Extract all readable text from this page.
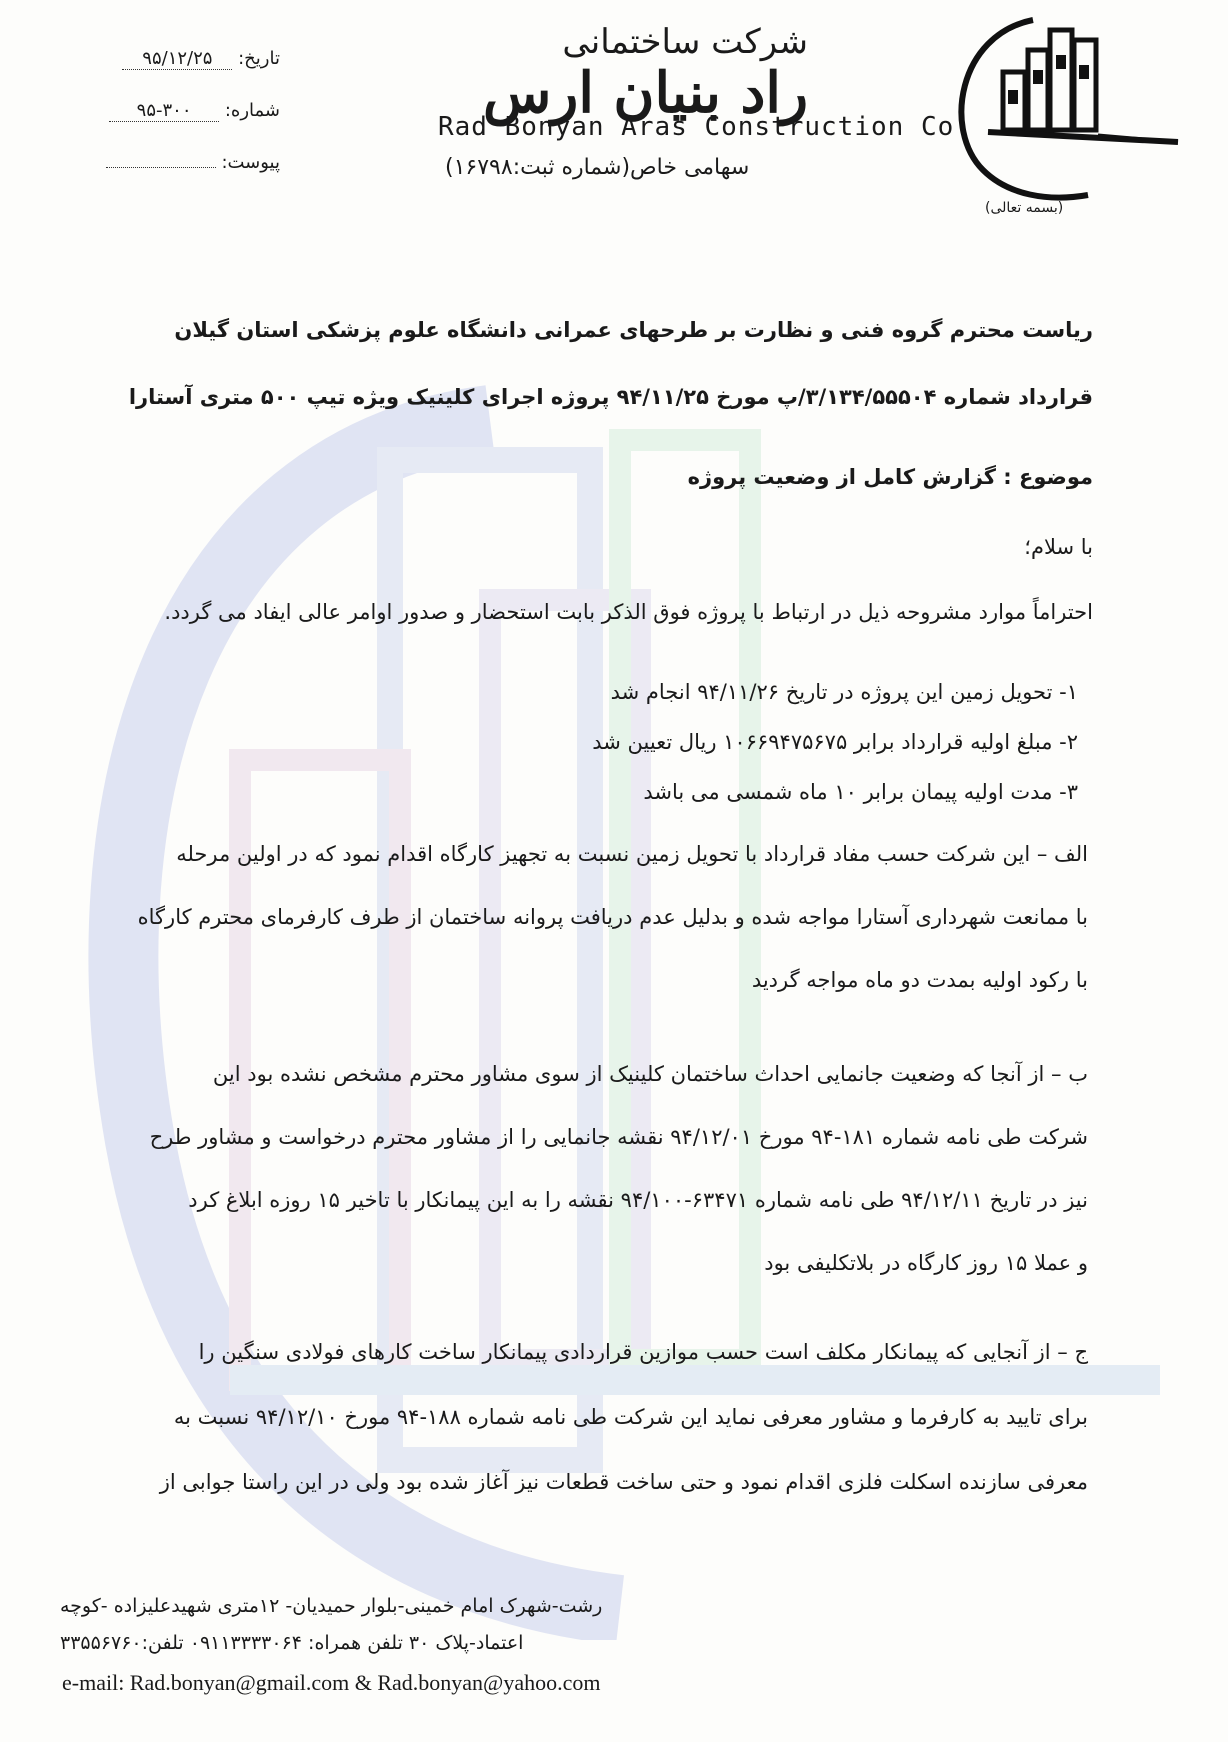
شرکت ساختمانی

راد بنیان ارس

Rad Bonyan Aras Construction Co
سهامی خاص(شماره ثبت:۱۶۷۹۸)
(بسمه تعالی)
تاریخ: ۹۵/۱۲/۲۵
شماره: ۹۵-۳۰۰
پیوست:
ریاست محترم گروه فنی و نظارت بر طرحهای عمرانی دانشگاه علوم پزشکی استان گیلان
قرارداد شماره ۳/۱۳۴/۵۵۵۰۴/پ مورخ ۹۴/۱۱/۲۵ پروژه اجرای کلینیک ویژه تیپ ۵۰۰ متری آستارا
موضوع : گزارش کامل از وضعیت پروژه
با سلام؛
احتراماً موارد مشروحه ذیل در ارتباط با پروژه فوق الذکر بابت استحضار و صدور اوامر عالی ایفاد می گردد.
۱- تحویل زمین این پروژه در تاریخ ۹۴/۱۱/۲۶ انجام شد
۲- مبلغ اولیه قرارداد برابر ۱۰۶۶۹۴۷۵۶۷۵ ریال تعیین شد
۳- مدت اولیه پیمان برابر ۱۰ ماه شمسی می باشد
الف – این شرکت حسب مفاد قرارداد با تحویل زمین نسبت به تجهیز کارگاه اقدام نمود که در اولین مرحله
با ممانعت شهرداری آستارا مواجه شده و بدلیل عدم دریافت پروانه ساختمان از طرف کارفرمای محترم کارگاه
با رکود اولیه بمدت دو ماه مواجه گردید
ب – از آنجا که وضعیت جانمایی احداث ساختمان کلینیک از سوی مشاور محترم مشخص نشده بود این
شرکت طی نامه شماره ۱۸۱-۹۴ مورخ ۹۴/۱۲/۰۱ نقشه جانمایی را از مشاور محترم درخواست و مشاور طرح
نیز در تاریخ ۹۴/۱۲/۱۱ طی نامه شماره ۶۳۴۷۱-۹۴/۱۰۰ نقشه را به این پیمانکار با تاخیر ۱۵ روزه ابلاغ کرد
و عملا ۱۵ روز کارگاه در بلاتکلیفی بود
ج – از آنجایی که پیمانکار مکلف است حسب موازین قراردادی پیمانکار ساخت کارهای فولادی سنگین را
برای تایید به کارفرما و مشاور معرفی نماید این شرکت طی نامه شماره ۱۸۸-۹۴ مورخ ۹۴/۱۲/۱۰ نسبت به
معرفی سازنده اسکلت فلزی اقدام نمود و حتی ساخت قطعات نیز آغاز شده بود ولی در این راستا جوابی از
رشت-شهرک امام خمینی-بلوار حمیدیان- ۱۲متری شهیدعلیزاده -کوچه
اعتماد-پلاک ۳۰ تلفن همراه: ۰۹۱۱۳۳۳۳۰۶۴ تلفن:۳۳۵۵۶۷۶۰
e-mail: Rad.bonyan@gmail.com & Rad.bonyan@yahoo.com
